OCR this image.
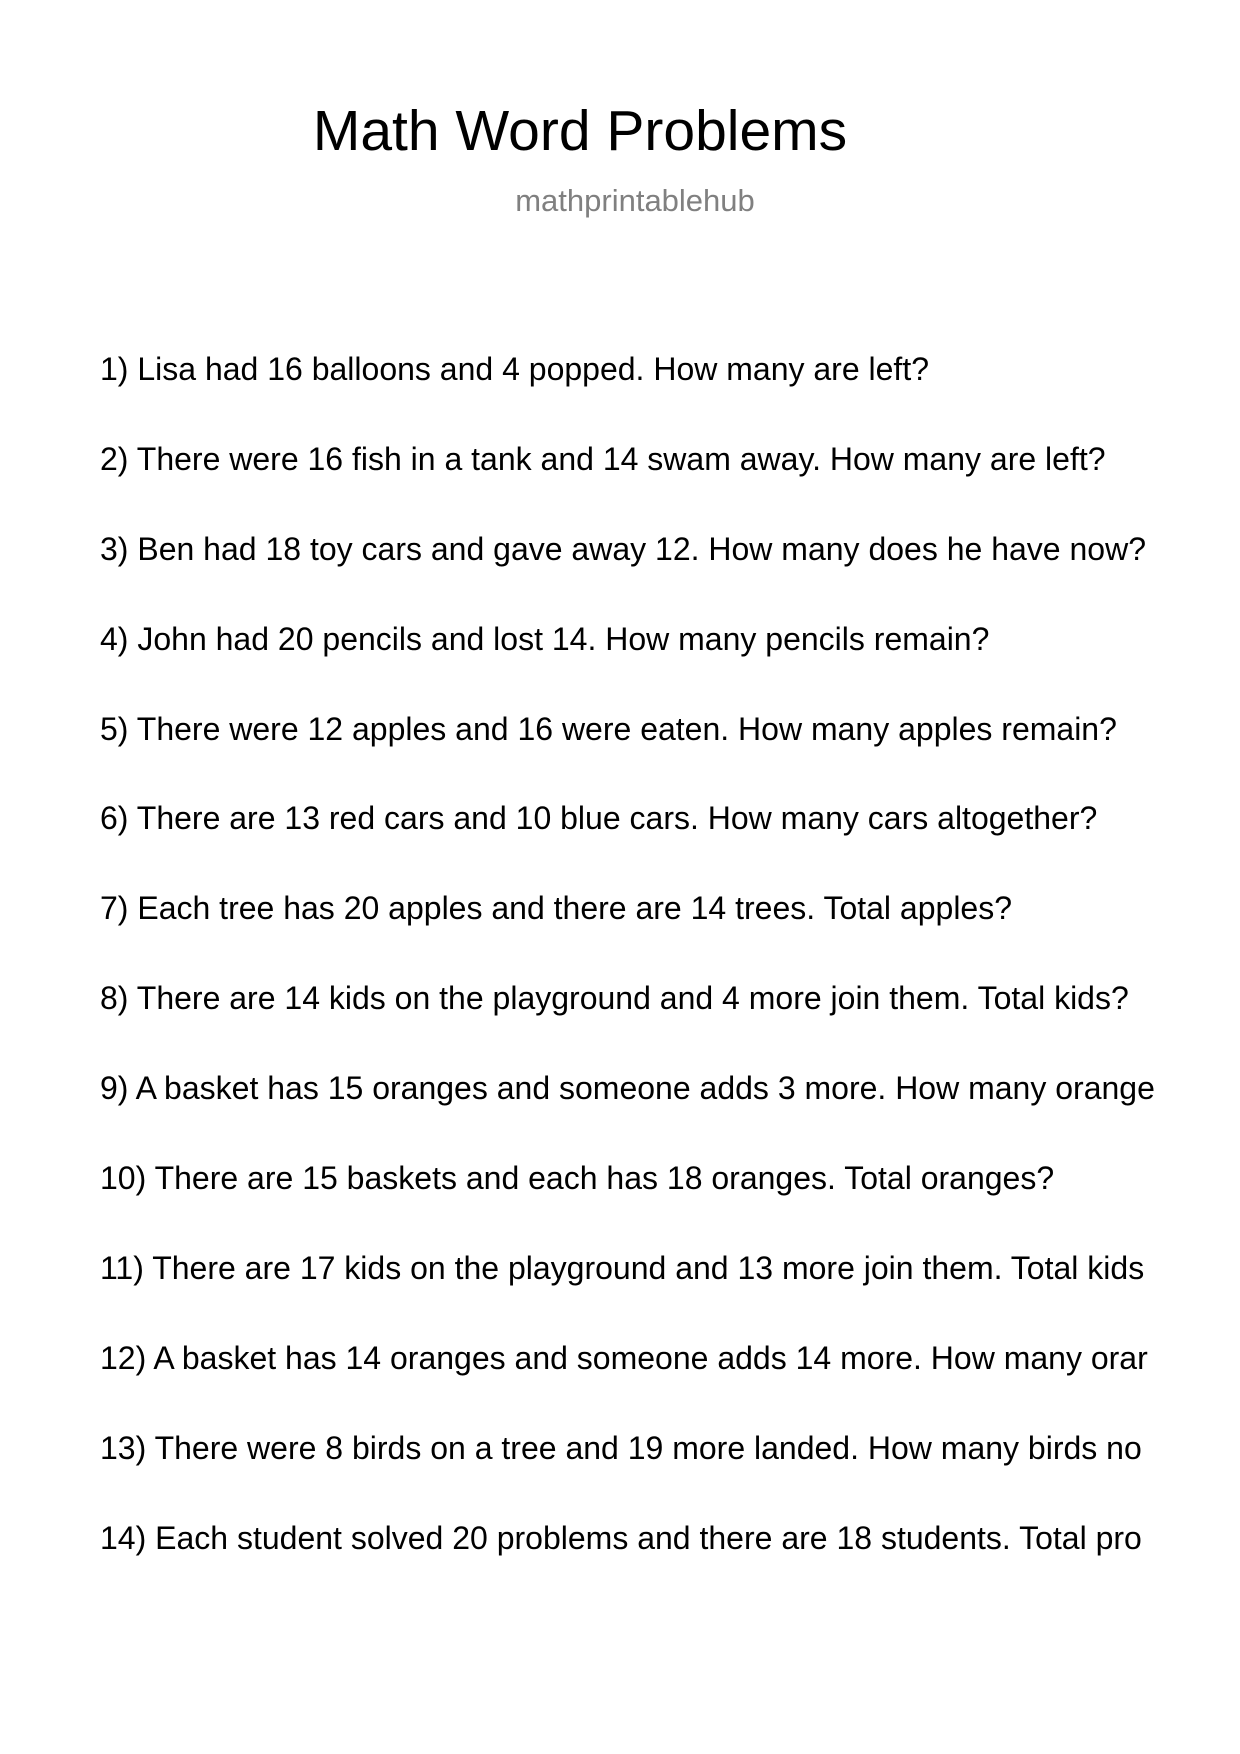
Math Word Problems
mathprintablehub
1) Lisa had 16 balloons and 4 popped. How many are left?
2) There were 16 fish in a tank and 14 swam away. How many are left?
3) Ben had 18 toy cars and gave away 12. How many does he have now?
4) John had 20 pencils and lost 14. How many pencils remain?
5) There were 12 apples and 16 were eaten. How many apples remain?
6) There are 13 red cars and 10 blue cars. How many cars altogether?
7) Each tree has 20 apples and there are 14 trees. Total apples?
8) There are 14 kids on the playground and 4 more join them. Total kids?
9) A basket has 15 oranges and someone adds 3 more. How many orange
10) There are 15 baskets and each has 18 oranges. Total oranges?
11) There are 17 kids on the playground and 13 more join them. Total kids
12) A basket has 14 oranges and someone adds 14 more. How many orar
13) There were 8 birds on a tree and 19 more landed. How many birds no
14) Each student solved 20 problems and there are 18 students. Total pro
